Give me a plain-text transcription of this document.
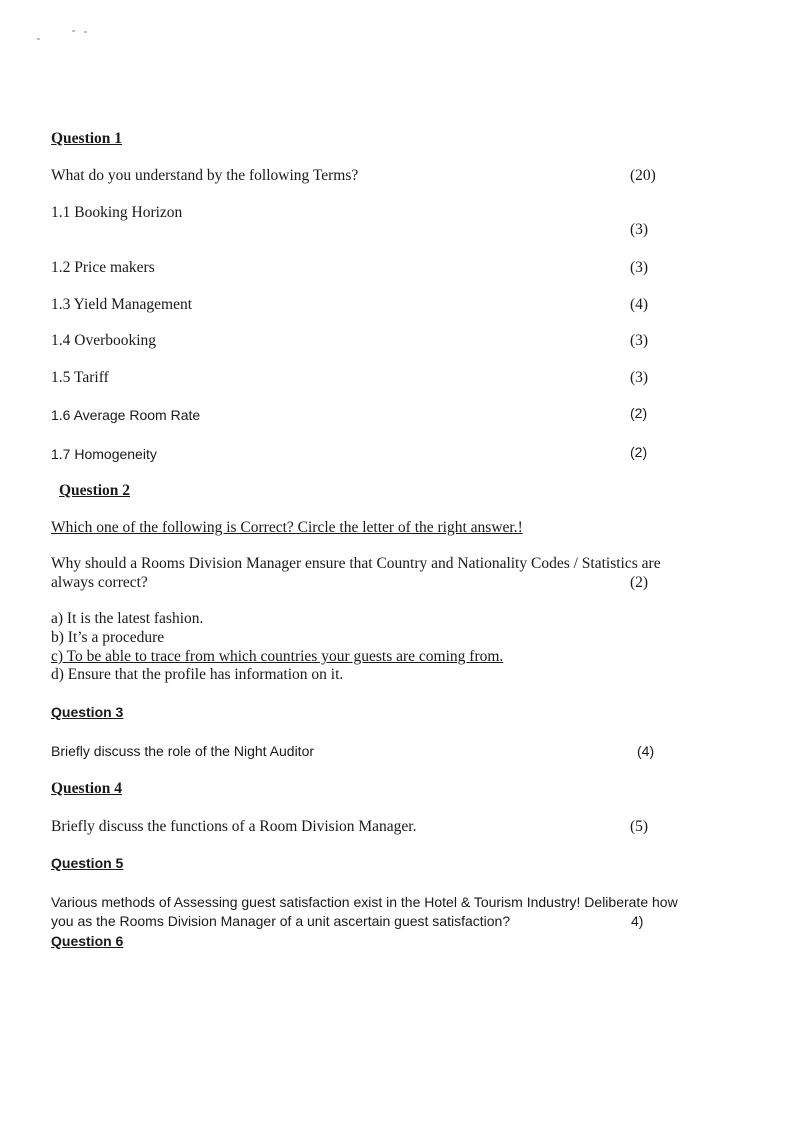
Question 1
What do you understand by the following Terms?	(20)
1.1 Booking Horizon
(3)
1.2 Price makers	(3)
1.3 Yield Management	(4)
1.4 Overbooking	(3)
1.5 Tariff	(3)
1.6 Average Room Rate	(2)
1.7 Homogeneity	(2)
Question 2
Which one of the following is Correct? Circle the letter of the right answer.!
Why should a Rooms Division Manager ensure that Country and Nationality Codes / Statistics are
always correct?	(2)
a) It is the latest fashion.
b) It’s a procedure
c) To be able to trace from which countries your guests are coming from.
d) Ensure that the profile has information on it.
Question 3
Briefly discuss the role of the Night Auditor	(4)
Question 4
Briefly discuss the functions of a Room Division Manager.	(5)
Question 5
Various methods of Assessing guest satisfaction exist in the Hotel & Tourism Industry! Deliberate how
you as the Rooms Division Manager of a unit ascertain guest satisfaction?	4)
Question 6
